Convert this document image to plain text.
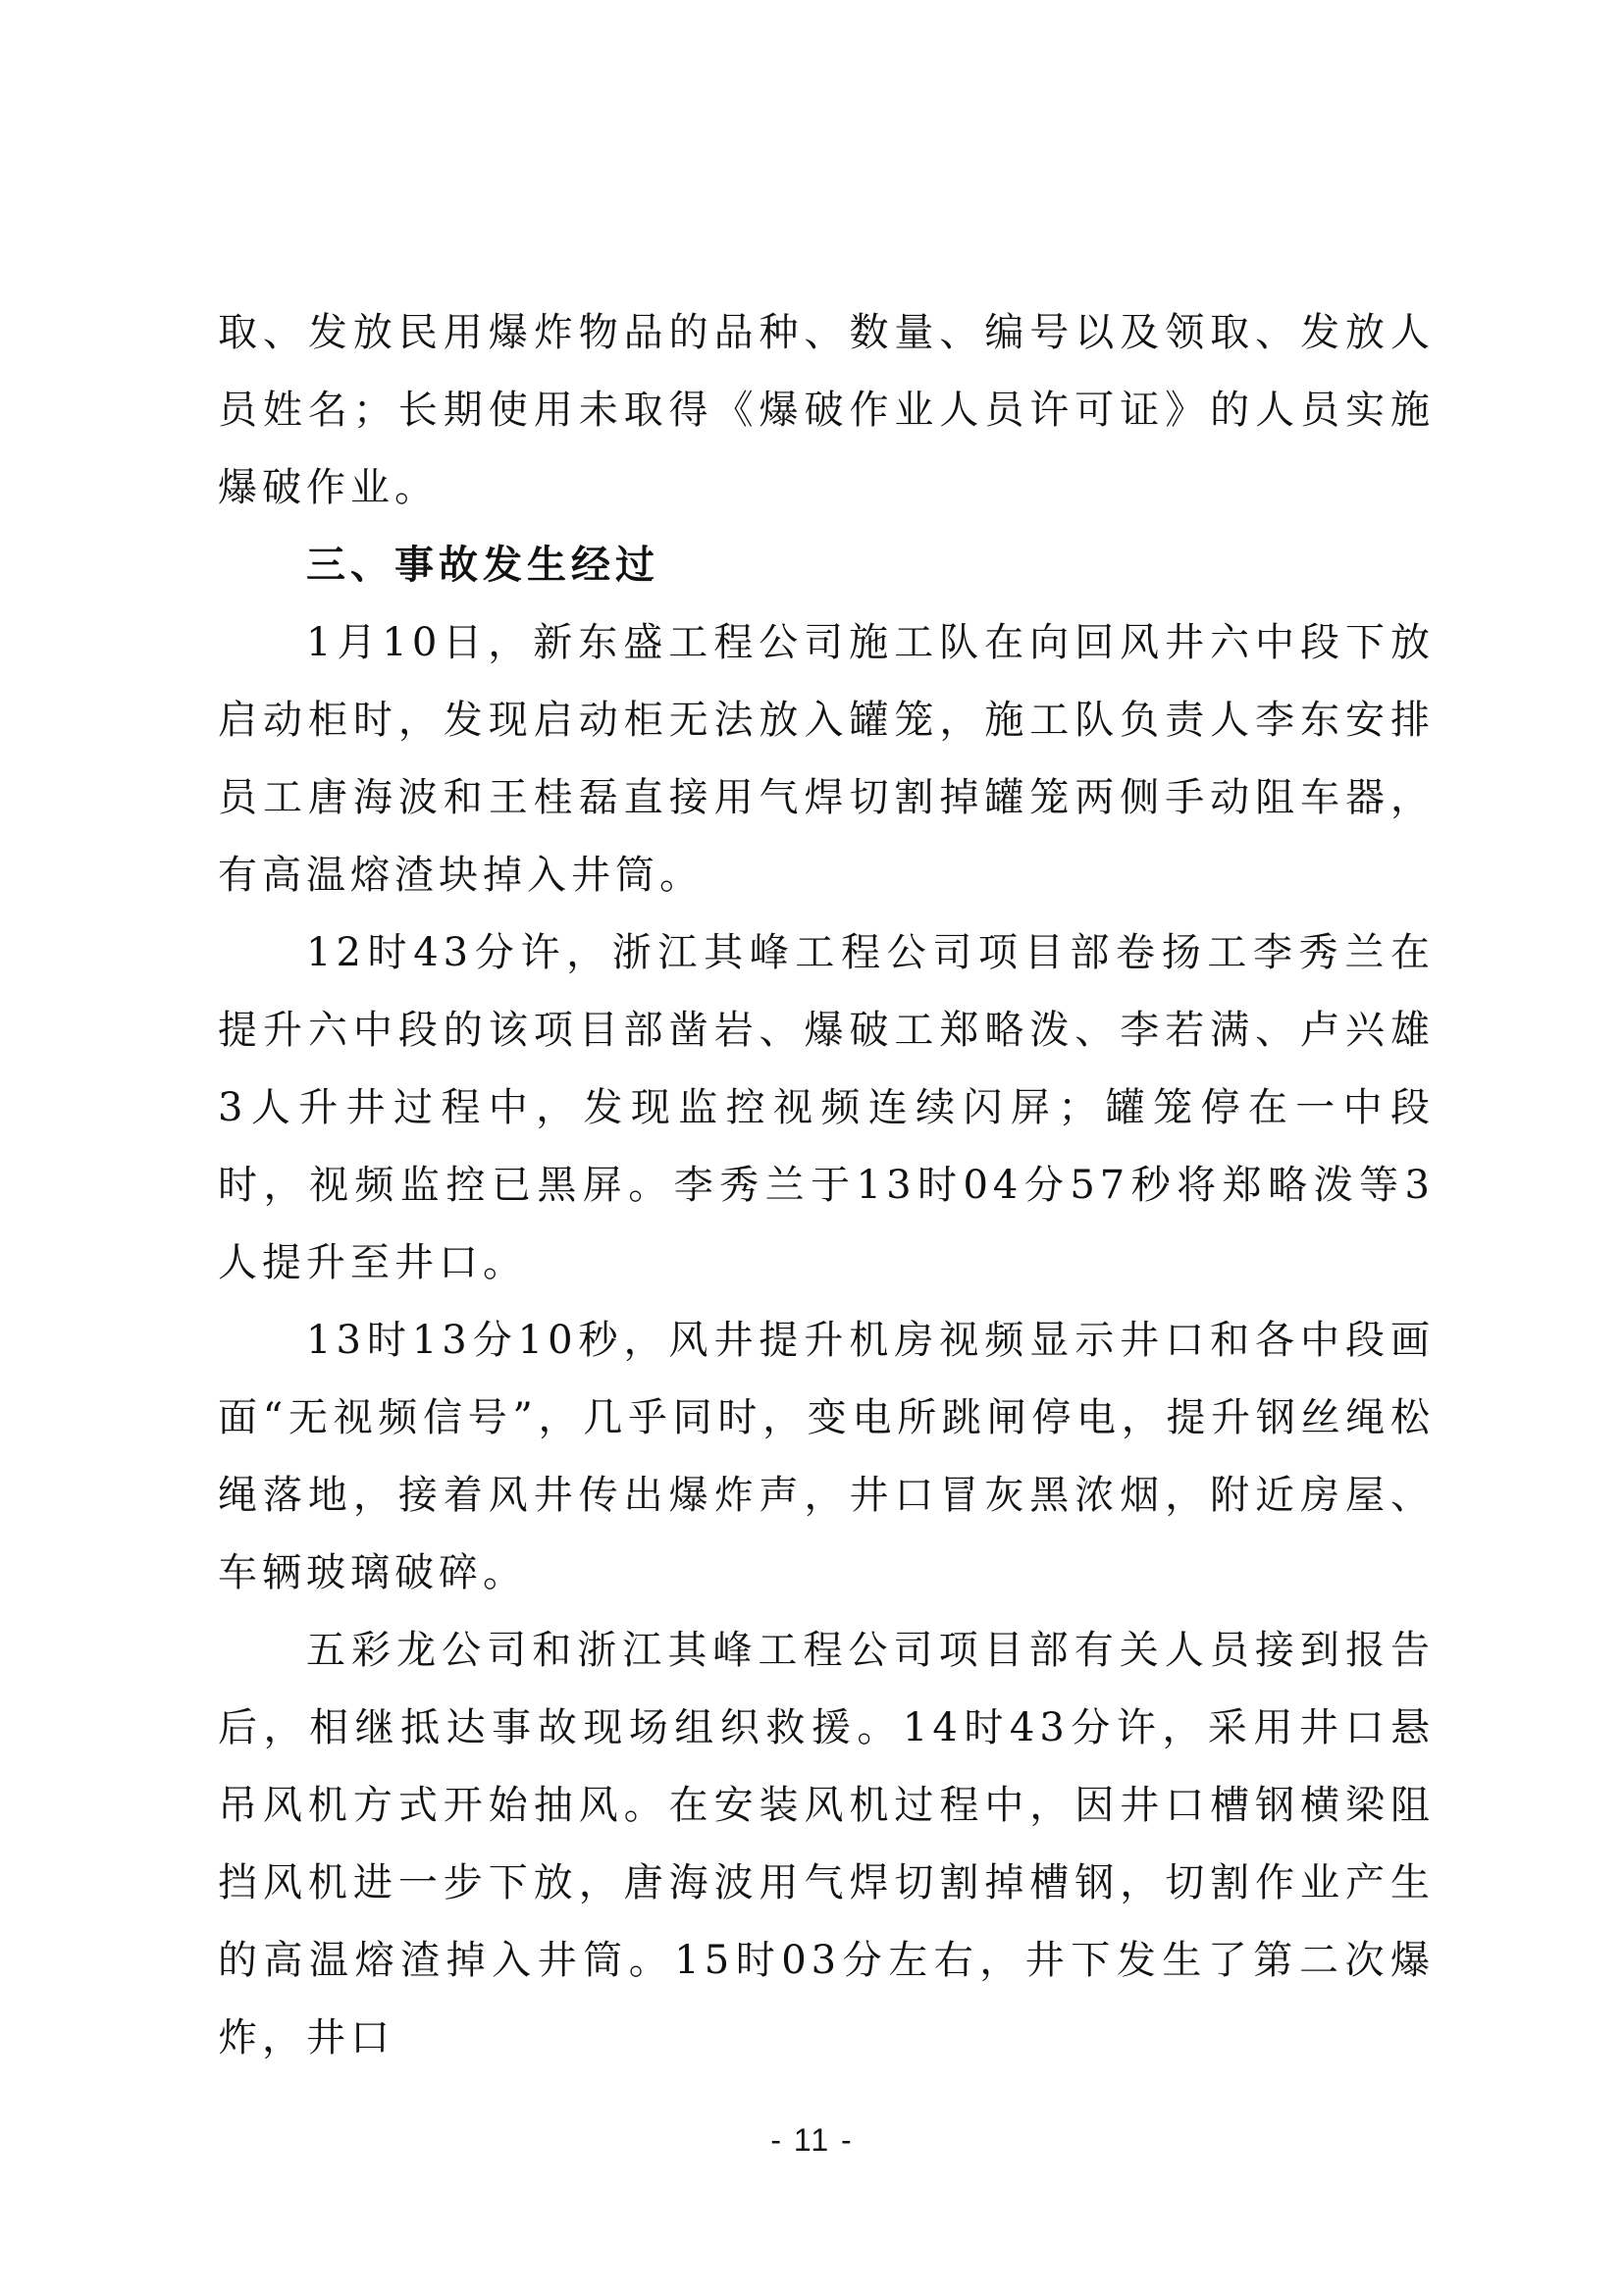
取、发放民用爆炸物品的品种、数量、编号以及领取、发放人员姓名；长期使用未取得《爆破作业人员许可证》的人员实施爆破作业。

三、事故发生经过

1月10日，新东盛工程公司施工队在向回风井六中段下放启动柜时，发现启动柜无法放入罐笼，施工队负责人李东安排员工唐海波和王桂磊直接用气焊切割掉罐笼两侧手动阻车器，有高温熔渣块掉入井筒。

12时43分许，浙江其峰工程公司项目部卷扬工李秀兰在提升六中段的该项目部凿岩、爆破工郑略泼、李若满、卢兴雄3人升井过程中，发现监控视频连续闪屏；罐笼停在一中段时，视频监控已黑屏。李秀兰于13时04分57秒将郑略泼等3人提升至井口。

13时13分10秒，风井提升机房视频显示井口和各中段画面“无视频信号”，几乎同时，变电所跳闸停电，提升钢丝绳松绳落地，接着风井传出爆炸声，井口冒灰黑浓烟，附近房屋、车辆玻璃破碎。

五彩龙公司和浙江其峰工程公司项目部有关人员接到报告后，相继抵达事故现场组织救援。14时43分许，采用井口悬吊风机方式开始抽风。在安装风机过程中，因井口槽钢横梁阻挡风机进一步下放，唐海波用气焊切割掉槽钢，切割作业产生的高温熔渣掉入井筒。15时03分左右，井下发生了第二次爆炸，井口

- 11 -
